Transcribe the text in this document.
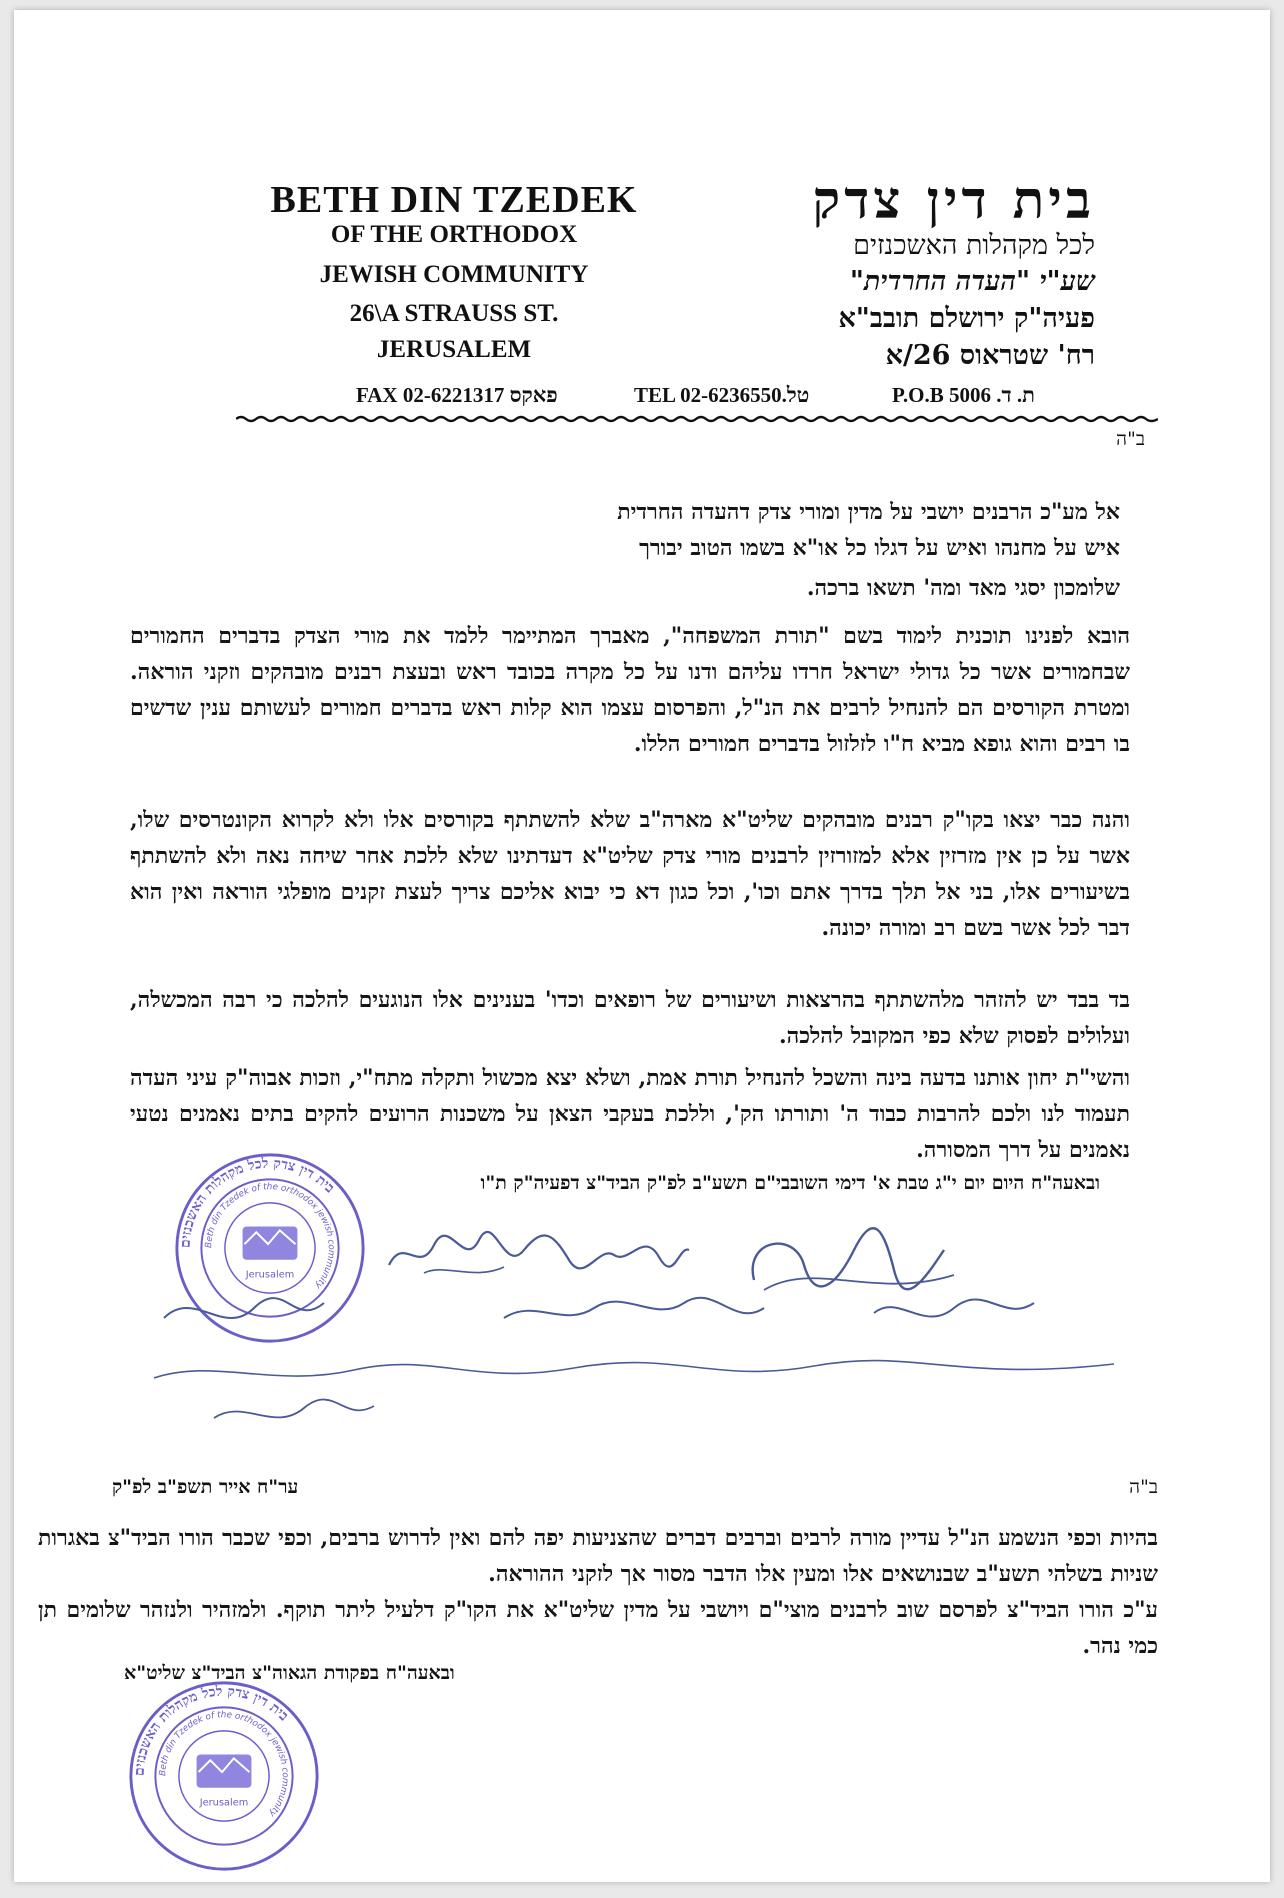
BETH DIN TZEDEK
OF THE ORTHODOX
JEWISH COMMUNITY
26\A STRAUSS ST.
JERUSALEM
בית דין צדק
לכל מקהלות האשכנזים
שע"י "העדה החרדית"
פעיה"ק ירושלם תובב"א
רח' שטראוס 26/א
FAX 02-6221317 פאקס	TEL 02-6236550.טל	P.O.B 5006 .ת. ד
ב"ה

אל מע"כ הרבנים יושבי על מדין ומורי צדק דהעדה החרדית

איש על מחנהו ואיש על דגלו כל או"א בשמו הטוב יבורך

שלומכון יסגי מאד ומה' תשאו ברכה.

הובא לפנינו תוכנית לימוד בשם "תורת המשפחה", מאברך המתיימר ללמד את מורי הצדק בדברים החמורים שבחמורים אשר כל גדולי ישראל חרדו עליהם ודנו על כל מקרה בכובד ראש ובעצת רבנים מובהקים וזקני הוראה. ומטרת הקורסים הם להנחיל לרבים את הנ"ל, והפרסום עצמו הוא קלות ראש בדברים חמורים לעשותם ענין שדשים בו רבים והוא גופא מביא ח"ו לזלזול בדברים חמורים הללו.

והנה כבר יצאו בקו"ק רבנים מובהקים שליט"א מארה"ב שלא להשתתף בקורסים אלו ולא לקרוא הקונטרסים שלו, אשר על כן אין מזרזין אלא למזורזין לרבנים מורי צדק שליט"א דעדתינו שלא ללכת אחר שיחה נאה ולא להשתתף בשיעורים אלו, בני אל תלך בדרך אתם וכו', וכל כגון דא כי יבוא אליכם צריך לעצת זקנים מופלגי הוראה ואין הוא דבר לכל אשר בשם רב ומורה יכונה.

בד בבד יש להזהר מלהשתתף בהרצאות ושיעורים של רופאים וכדו' בענינים אלו הנוגעים להלכה כי רבה המכשלה, ועלולים לפסוק שלא כפי המקובל להלכה.

והשי"ת יחון אותנו בדעה בינה והשכל להנחיל תורת אמת, ושלא יצא מכשול ותקלה מתח"י, וזכות אבוה"ק עיני העדה תעמוד לנו ולכם להרבות כבוד ה' ותורתו הק', וללכת בעקבי הצאן על משכנות הרועים להקים בתים נאמנים נטעי נאמנים על דרך המסורה.

ובאעה"ח היום יום י"ג טבת א' דימי השובבי"ם תשע"ב לפ"ק הביד"צ דפעיה"ק ת"ו
בית דין צדק לכל מקהלות האשכנזים
Beth din Tzedek of the orthodox jewish community
Jerusalem
ב"ה
ער"ח אייר תשפ"ב לפ"ק

בהיות וכפי הנשמע הנ"ל עדיין מורה לרבים וברבים דברים שהצניעות יפה להם ואין לדרוש ברבים, וכפי שכבר הורו הביד"צ באגרות שניות בשלהי תשע"ב שבנושאים אלו ומעין אלו הדבר מסור אך לזקני ההוראה.

ע"כ הורו הביד"צ לפרסם שוב לרבנים מוצי"ם ויושבי על מדין שליט"א את הקו"ק דלעיל ליתר תוקף. ולמזהיר ולנזהר שלומים תן כמי נהר.

ובאעה"ח בפקודת הגאוה"צ הביד"צ שליט"א
בית דין צדק לכל מקהלות האשכנזים
Beth din Tzedek of the orthodox jewish community
Jerusalem
